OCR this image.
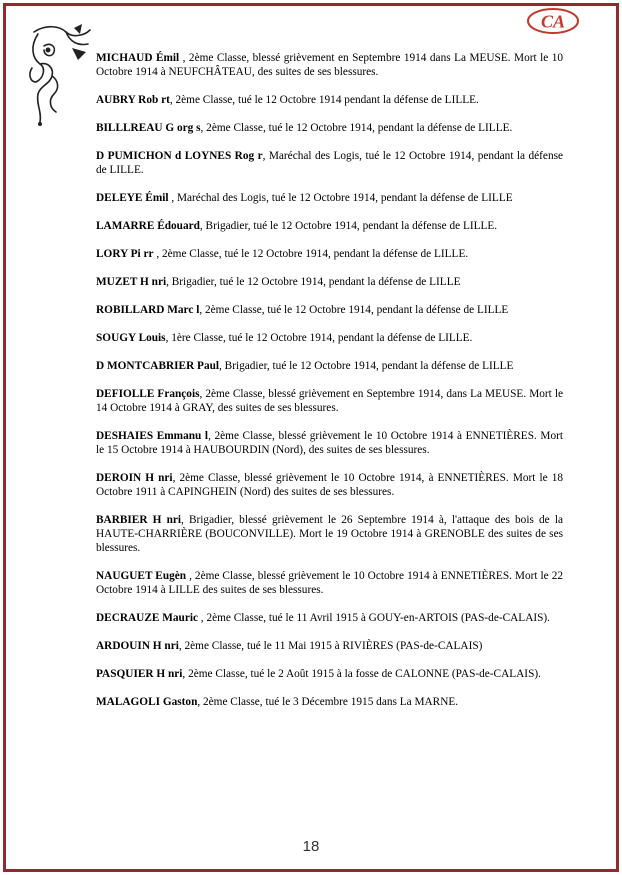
CA

MICHAUD Émil , 2ème Classe, blessé grièvement en Septembre 1914 dans La MEUSE. Mort le 10 Octobre 1914 à NEUFCHÂTEAU, des suites de ses blessures.

AUBRY Rob rt, 2ème Classe, tué le 12 Octobre 1914 pendant la défense de LILLE.

BILLLREAU G org s, 2ème Classe, tué le 12 Octobre 1914, pendant la défense de LILLE.

D PUMICHON d LOYNES Rog r, Maréchal des Logis, tué le 12 Octobre 1914, pendant la défense de LILLE.

DELEYE Émil , Maréchal des Logis, tué le 12 Octobre 1914, pendant la défense de LILLE

LAMARRE Édouard, Brigadier, tué le 12 Octobre 1914, pendant la défense de LILLE.

LORY Pi rr , 2ème Classe, tué le 12 Octobre 1914, pendant la défense de LILLE.

MUZET H nri, Brigadier, tué le 12 Octobre 1914, pendant la défense de LILLE

ROBILLARD Marc l, 2ème Classe, tué le 12 Octobre 1914, pendant la défense de LILLE

SOUGY Louis, 1ère Classe, tué le 12 Octobre 1914, pendant la défense de LILLE.

D MONTCABRIER Paul, Brigadier, tué le 12 Octobre 1914, pendant la défense de LILLE

DEFIOLLE François, 2ème Classe, blessé grièvement en Septembre 1914, dans La MEUSE. Mort le 14 Octobre 1914 à GRAY, des suites de ses blessures.

DESHAIES Emmanu l, 2ème Classe, blessé grièvement le 10 Octobre 1914 à ENNETIÈRES. Mort le 15 Octobre 1914 à HAUBOURDIN (Nord), des suites de ses blessures.

DEROIN H nri, 2ème Classe, blessé grièvement le 10 Octobre 1914, à ENNETIÈRES. Mort le 18 Octobre 1911 à CAPINGHEIN (Nord) des suites de ses blessures.

BARBIER H nri, Brigadier, blessé grièvement le 26 Septembre 1914 à, l'attaque des bois de la HAUTE-CHARRIÈRE (BOUCONVILLE). Mort le 19 Octobre 1914 à GRENOBLE des suites de ses blessures.

NAUGUET Eugèn , 2ème Classe, blessé grièvement le 10 Octobre 1914 à ENNETIÈRES. Mort le 22 Octobre 1914 à LILLE des suites de ses blessures.

DECRAUZE Mauric , 2ème Classe, tué le 11 Avril 1915 à GOUY-en-ARTOIS (PAS-de-CALAIS).

ARDOUIN H nri, 2ème Classe, tué le 11 Mai 1915 à RIVIÈRES (PAS-de-CALAIS)

PASQUIER H nri, 2ème Classe, tué le 2 Août 1915 à la fosse de CALONNE (PAS-de-CALAIS).

MALAGOLI Gaston, 2ème Classe, tué le 3 Décembre 1915 dans La MARNE.

18
